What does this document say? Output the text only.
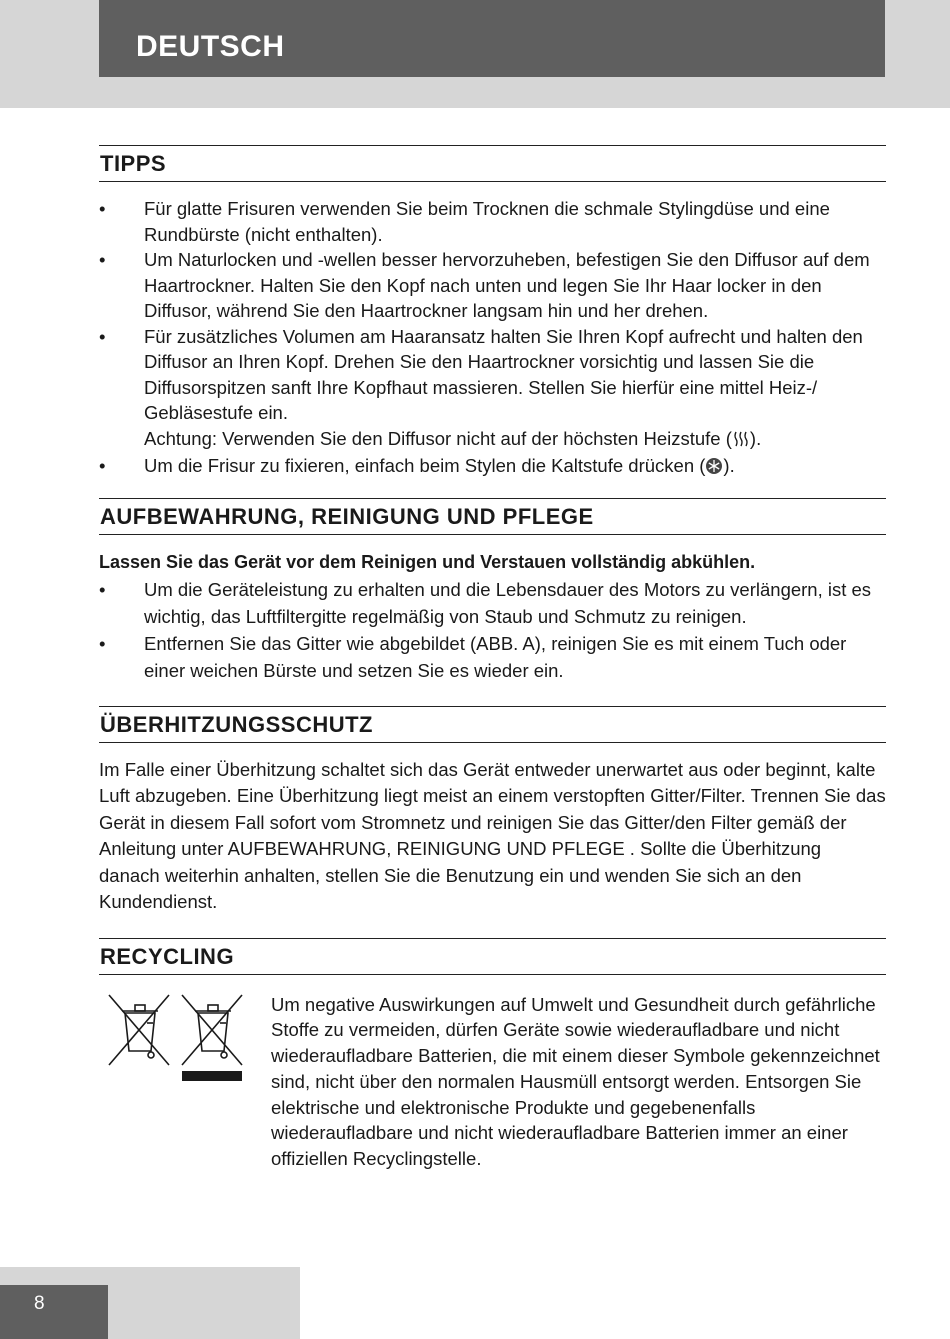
DEUTSCH
TIPPS
• Für glatte Frisuren verwenden Sie beim Trocknen die schmale Stylingdüse und eine Rundbürste (nicht enthalten).
• Um Naturlocken und -wellen besser hervorzuheben, befestigen Sie den Diffusor auf dem Haartrockner. Halten Sie den Kopf nach unten und legen Sie Ihr Haar locker in den Diffusor, während Sie den Haartrockner langsam hin und her drehen.
• Für zusätzliches Volumen am Haaransatz halten Sie Ihren Kopf aufrecht und halten den Diffusor an Ihren Kopf. Drehen Sie den Haartrockner vorsichtig und lassen Sie die Diffusorspitzen sanft Ihre Kopfhaut massieren. Stellen Sie hierfür eine mittel Heiz-/ Gebläsestufe ein.
Achtung: Verwenden Sie den Diffusor nicht auf der höchsten Heizstufe ( ).
• Um die Frisur zu fixieren, einfach beim Stylen die Kaltstufe drücken ( ).
AUFBEWAHRUNG, REINIGUNG UND PFLEGE
Lassen Sie das Gerät vor dem Reinigen und Verstauen vollständig abkühlen.
• Um die Geräteleistung zu erhalten und die Lebensdauer des Motors zu verlängern, ist es wichtig, das Luftfiltergitte regelmäßig von Staub und Schmutz zu reinigen.
• Entfernen Sie das Gitter wie abgebildet (ABB. A), reinigen Sie es mit einem Tuch oder einer weichen Bürste und setzen Sie es wieder ein.
ÜBERHITZUNGSSCHUTZ
Im Falle einer Überhitzung schaltet sich das Gerät entweder unerwartet aus oder beginnt, kalte Luft abzugeben. Eine Überhitzung liegt meist an einem verstopften Gitter/Filter. Trennen Sie das Gerät in diesem Fall sofort vom Stromnetz und reinigen Sie das Gitter/den Filter gemäß der Anleitung unter AUFBEWAHRUNG, REINIGUNG UND PFLEGE . Sollte die Überhitzung danach weiterhin anhalten, stellen Sie die Benutzung ein und wenden Sie sich an den Kundendienst.
RECYCLING
Um negative Auswirkungen auf Umwelt und Gesundheit durch gefährliche Stoffe zu vermeiden, dürfen Geräte sowie wiederaufladbare und nicht wiederaufladbare Batterien, die mit einem dieser Symbole gekennzeichnet sind, nicht über den normalen Hausmüll entsorgt werden. Entsorgen Sie elektrische und elektronische Produkte und gegebenenfalls wiederaufladbare und nicht wiederaufladbare Batterien immer an einer offiziellen Recyclingstelle.
8
